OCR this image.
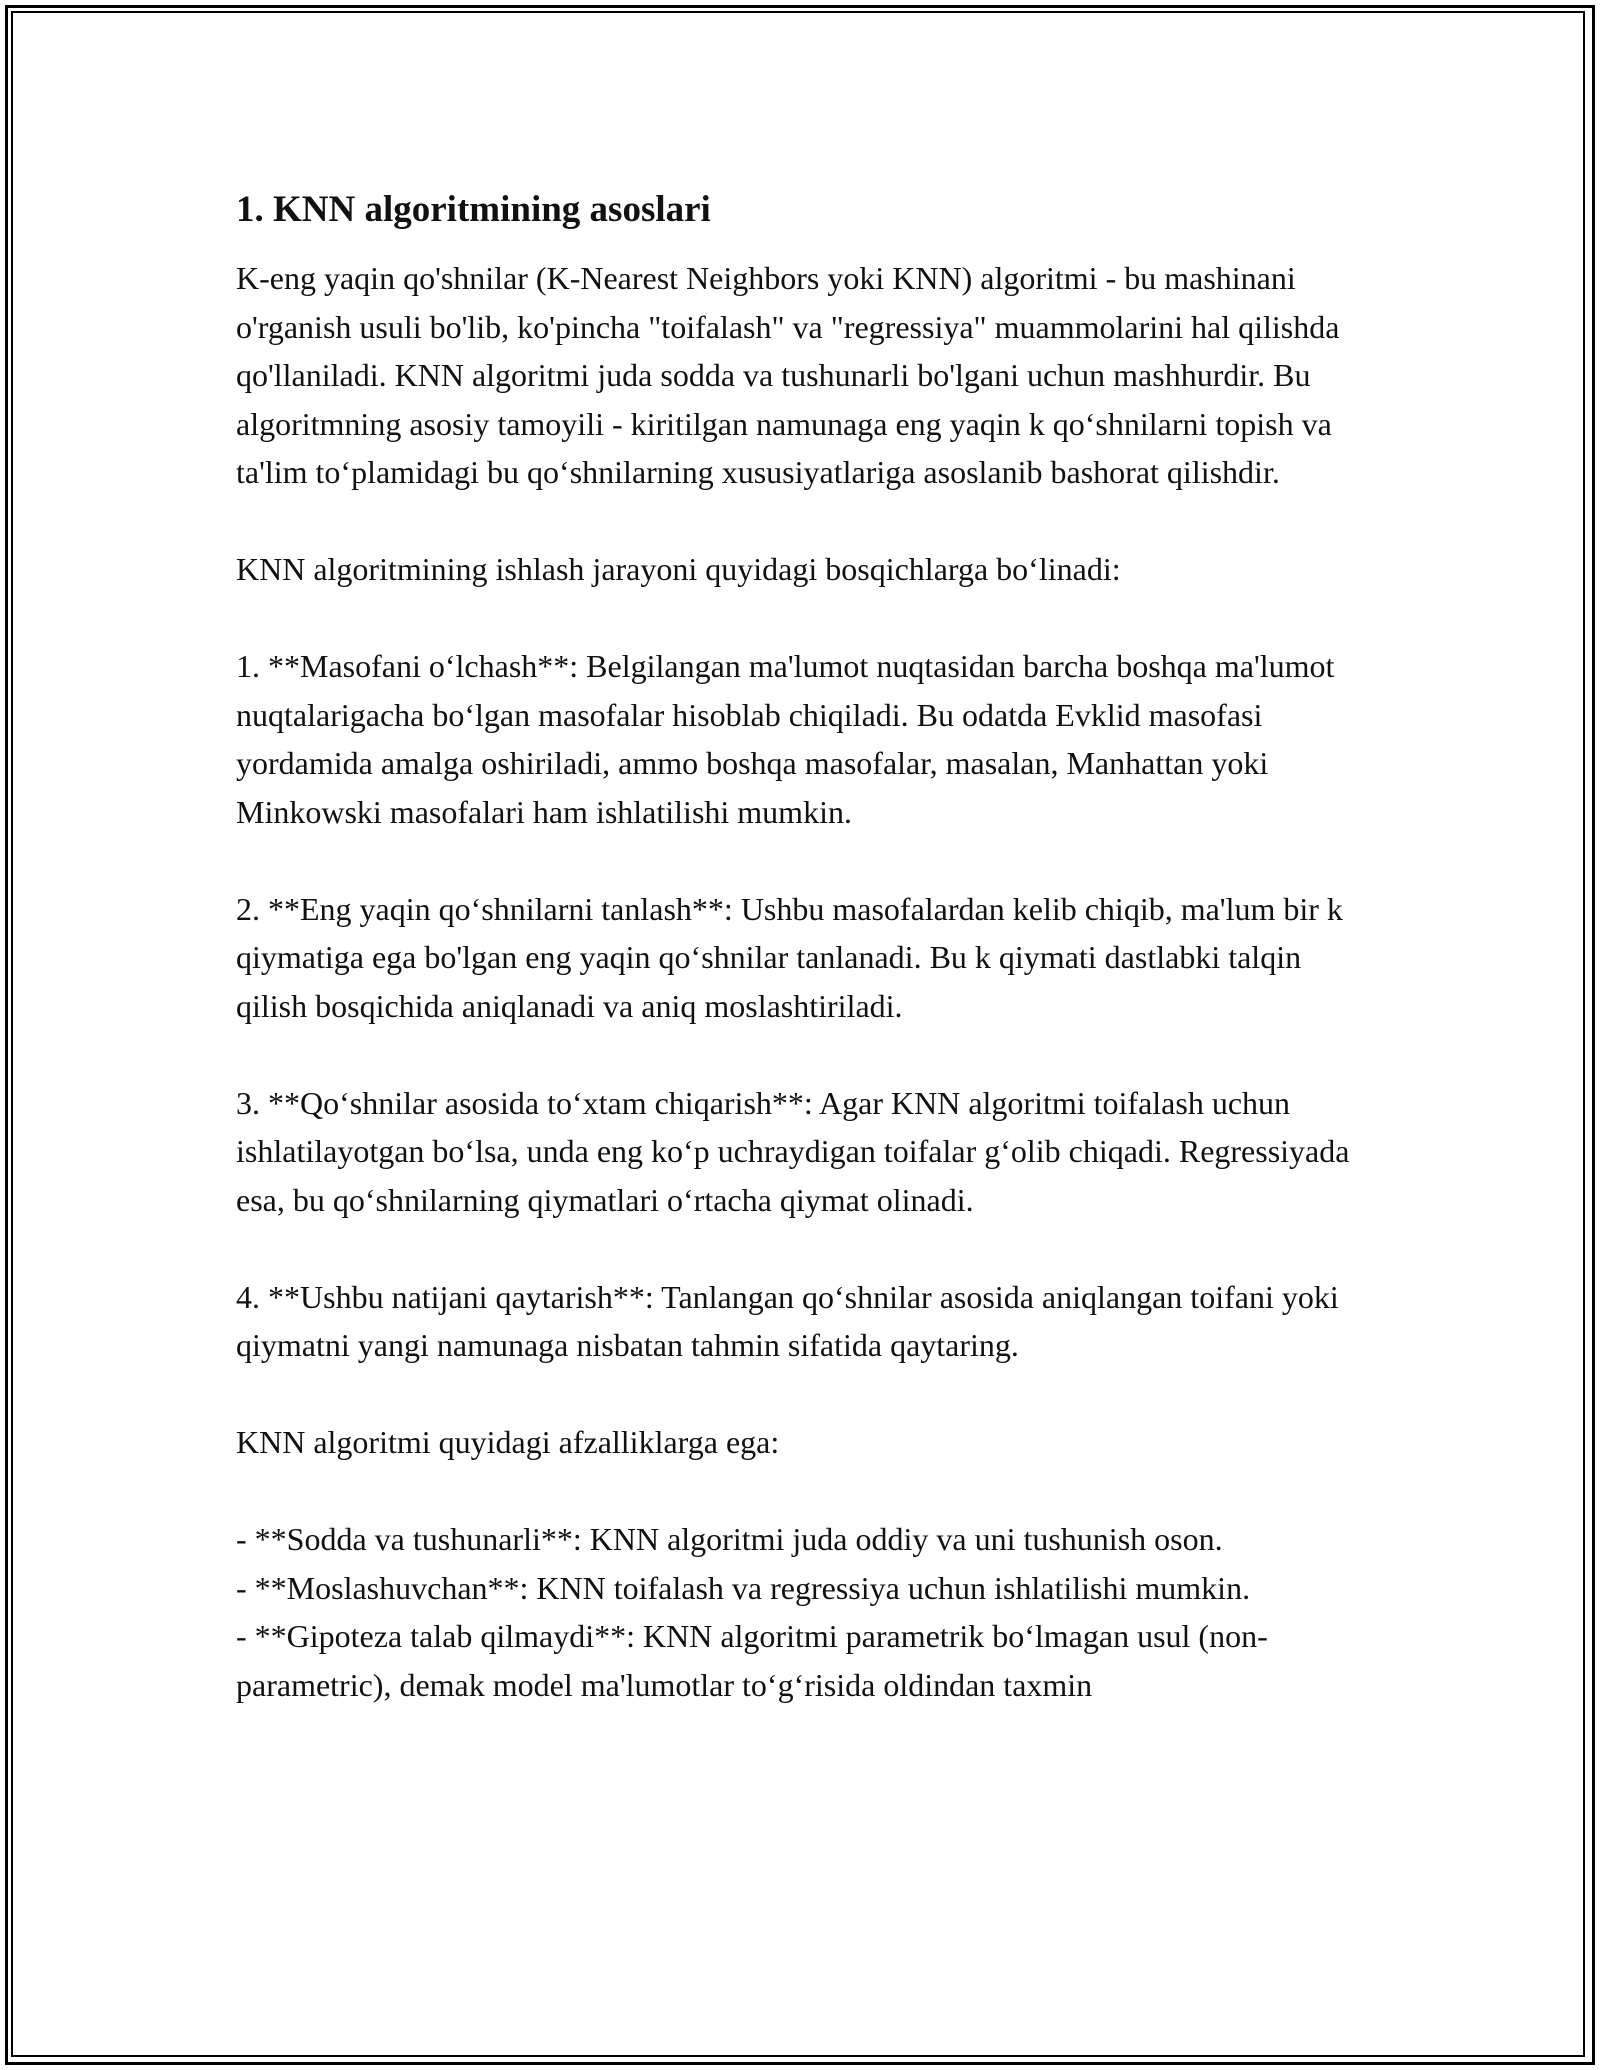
1. KNN algoritmining asoslari

K-eng yaqin qo'shnilar (K-Nearest Neighbors yoki KNN) algoritmi - bu mashinani o'rganish usuli bo'lib, ko'pincha "toifalash" va "regressiya" muammolarini hal qilishda qo'llaniladi. KNN algoritmi juda sodda va tushunarli bo'lgani uchun mashhurdir. Bu algoritmning asosiy tamoyili - kiritilgan namunaga eng yaqin k qo‘shnilarni topish va ta'lim to‘plamidagi bu qo‘shnilarning xususiyatlariga asoslanib bashorat qilishdir.

KNN algoritmining ishlash jarayoni quyidagi bosqichlarga bo‘linadi:

1. **Masofani o‘lchash**: Belgilangan ma'lumot nuqtasidan barcha boshqa ma'lumot nuqtalarigacha bo‘lgan masofalar hisoblab chiqiladi. Bu odatda Evklid masofasi yordamida amalga oshiriladi, ammo boshqa masofalar, masalan, Manhattan yoki Minkowski masofalari ham ishlatilishi mumkin.

2. **Eng yaqin qo‘shnilarni tanlash**: Ushbu masofalardan kelib chiqib, ma'lum bir k qiymatiga ega bo'lgan eng yaqin qo‘shnilar tanlanadi. Bu k qiymati dastlabki talqin qilish bosqichida aniqlanadi va aniq moslashtiriladi.

3. **Qo‘shnilar asosida to‘xtam chiqarish**: Agar KNN algoritmi toifalash uchun ishlatilayotgan bo‘lsa, unda eng ko‘p uchraydigan toifalar g‘olib chiqadi. Regressiyada esa, bu qo‘shnilarning qiymatlari o‘rtacha qiymat olinadi.

4. **Ushbu natijani qaytarish**: Tanlangan qo‘shnilar asosida aniqlangan toifani yoki qiymatni yangi namunaga nisbatan tahmin sifatida qaytaring.

KNN algoritmi quyidagi afzalliklarga ega:

- **Sodda va tushunarli**: KNN algoritmi juda oddiy va uni tushunish oson.

- **Moslashuvchan**: KNN toifalash va regressiya uchun ishlatilishi mumkin.

- **Gipoteza talab qilmaydi**: KNN algoritmi parametrik bo‘lmagan usul (non-parametric), demak model ma'lumotlar to‘g‘risida oldindan taxmin
